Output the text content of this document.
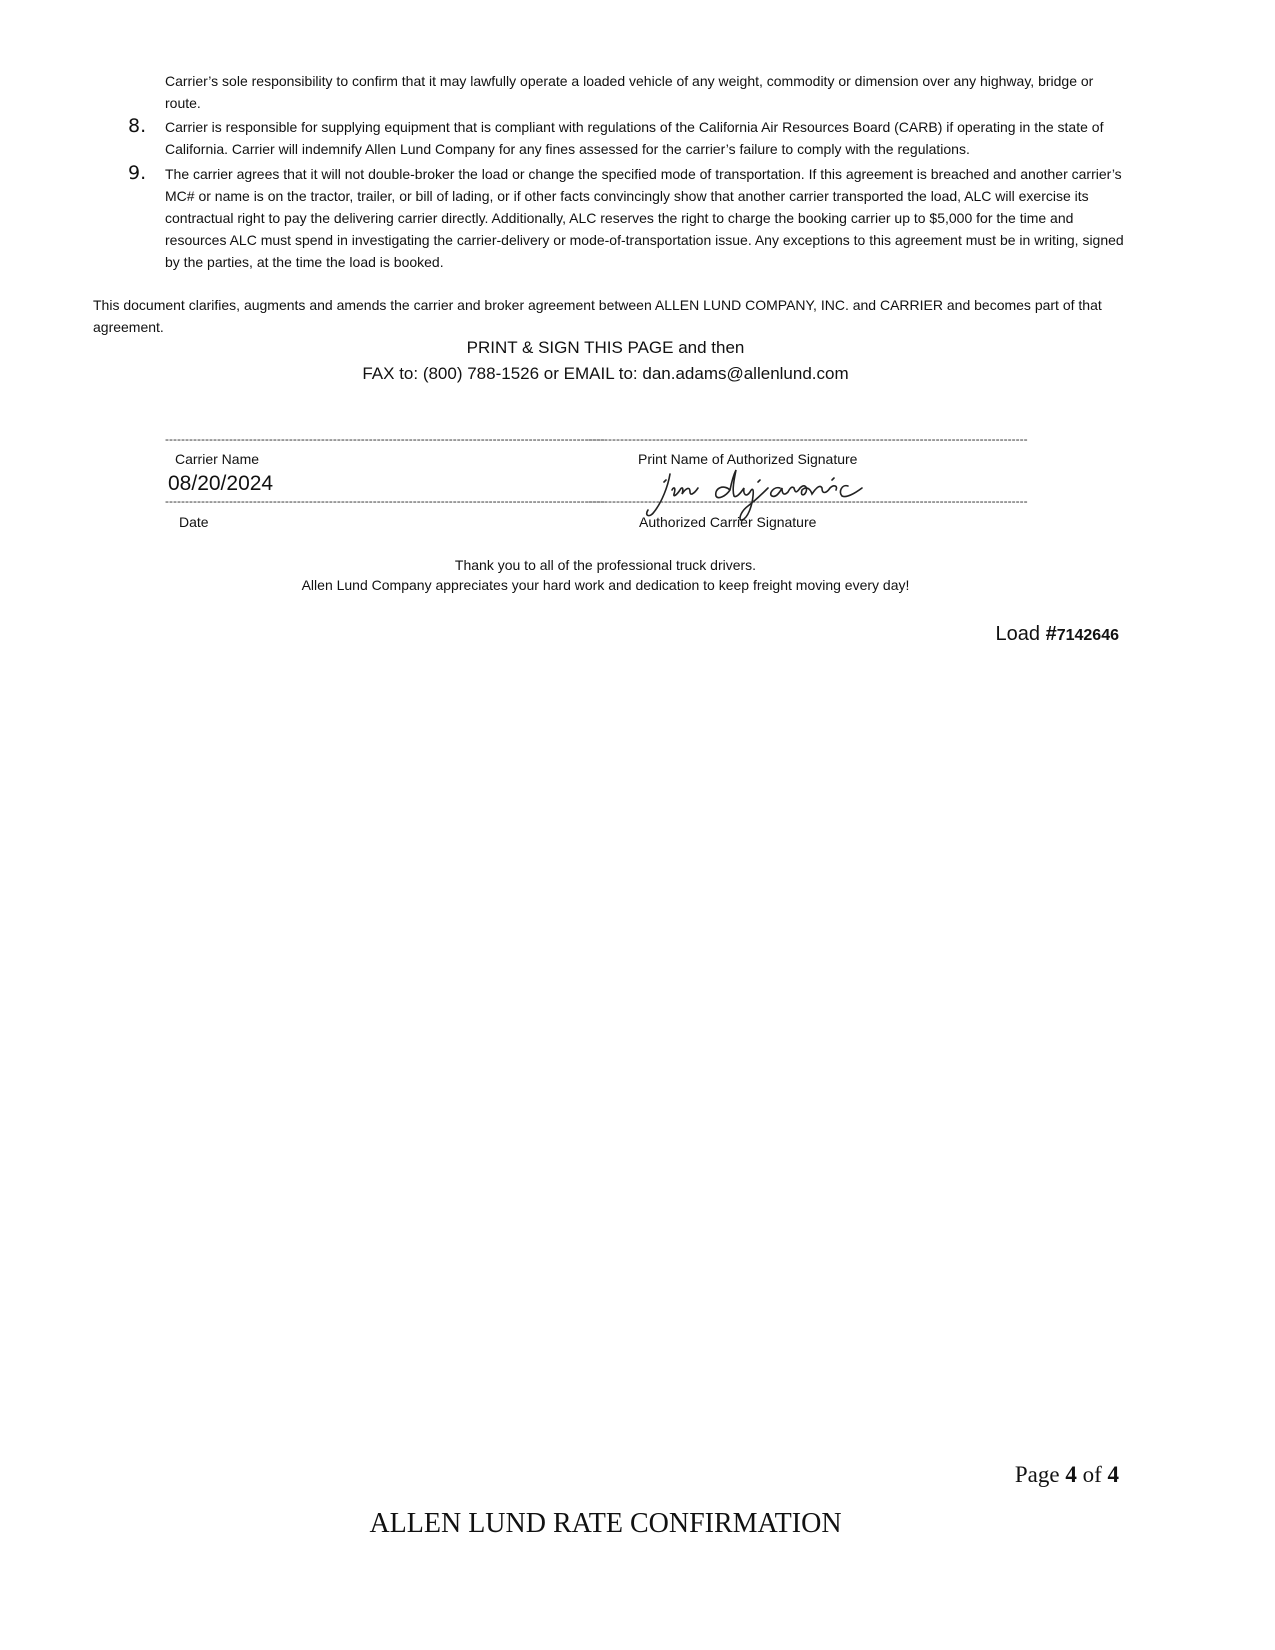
Carrier’s sole responsibility to confirm that it may lawfully operate a loaded vehicle of any weight, commodity or dimension over any highway, bridge or route.
8. Carrier is responsible for supplying equipment that is compliant with regulations of the California Air Resources Board (CARB) if operating in the state of California. Carrier will indemnify Allen Lund Company for any fines assessed for the carrier’s failure to comply with the regulations.
9. The carrier agrees that it will not double-broker the load or change the specified mode of transportation. If this agreement is breached and another carrier’s MC# or name is on the tractor, trailer, or bill of lading, or if other facts convincingly show that another carrier transported the load, ALC will exercise its contractual right to pay the delivering carrier directly. Additionally, ALC reserves the right to charge the booking carrier up to $5,000 for the time and resources ALC must spend in investigating the carrier-delivery or mode-of-transportation issue. Any exceptions to this agreement must be in writing, signed by the parties, at the time the load is booked.
This document clarifies, augments and amends the carrier and broker agreement between ALLEN LUND COMPANY, INC. and CARRIER and becomes part of that agreement.
PRINT & SIGN THIS PAGE and then
FAX to: (800) 788-1526 or EMAIL to: dan.adams@allenlund.com
--------------------------------------------------------------------------------------------------------------
--------------------------------------------------------------------------------------------------------------
Carrier Name	Print Name of Authorized Signature
08/20/2024
--------------------------------------------------------------------------------------------------------------
--------------------------------------------------------------------------------------------------------------
Date	Authorized Carrier Signature
Thank you to all of the professional truck drivers.
Allen Lund Company appreciates your hard work and dedication to keep freight moving every day!
Load #7142646
Page 4 of 4
ALLEN LUND RATE CONFIRMATION
